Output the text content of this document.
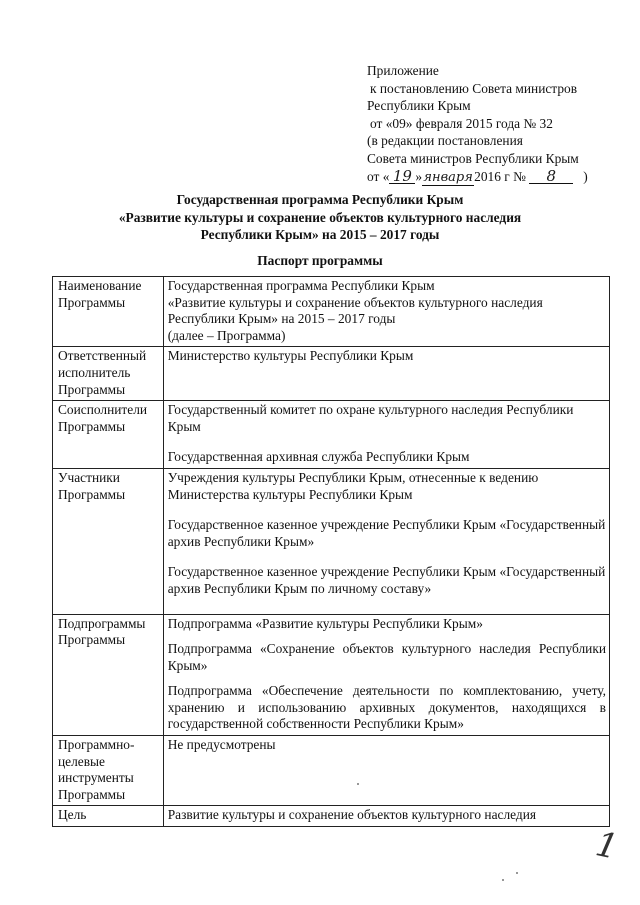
Приложение
к постановлению Совета министров
Республики Крым
от «09» февраля 2015 года № 32
(в редакции постановления
Совета министров Республики Крым
от « 19 »января2016 г № 8 )
Государственная программа Республики Крым
«Развитие культуры и сохранение объектов культурного наследия
Республики Крым» на 2015 – 2017 годы
Паспорт программы
Наименование Программы	Государственная программа Республики Крым
«Развитие культуры и сохранение объектов культурного наследия Республики Крым» на 2015 – 2017 годы
(далее – Программа)

Ответственный исполнитель Программы	Министерство культуры Республики Крым

Соисполнители Программы	Государственный комитет по охране культурного наследия Республики Крым
Государственная архивная служба Республики Крым

Участники Программы	Учреждения культуры Республики Крым, отнесенные к ведению Министерства культуры Республики Крым
Государственное казенное учреждение Республики Крым «Государственный архив Республики Крым»
Государственное казенное учреждение Республики Крым «Государственный архив Республики Крым по личному составу»

Подпрограммы Программы	Подпрограмма «Развитие культуры Республики Крым»
Подпрограмма «Сохранение объектов культурного наследия Республики Крым»
Подпрограмма «Обеспечение деятельности по комплектованию, учету, хранению и использованию архивных документов, находящихся в государственной собственности Республики Крым»

Программно-целевые инструменты Программы	Не предусмотрены

Цель	Развитие культуры и сохранение объектов культурного наследия
1
